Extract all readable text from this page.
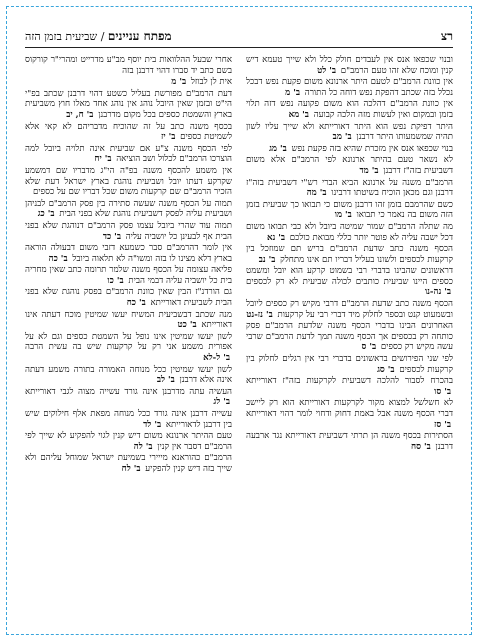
רצ
מפתח עניינים / שביעית בזמן הזה
אחרי שבעל ההלוואות בית יוסף מב"ע מדרייט ומהרי"ר קורקוס בשם כתב יד סברו דהוי דרבנן בזה
אית לן לבוזל ב' מ
דעת הרמב"ם מפורשת בעליל כשטע דהוי דרבנן שכתב בפ"י הי"ט ובזמן שאין היובל נוהג אין נוהג אחד מאלו חוץ משביעית בארץ והשמטת כספים בכל מקום מדרבנן ב' ח, יב
בכסף משנה כתב על זה שהוכיח מדבריהם לא קאי אלא לשמיטת כספים ב' יז
לפי הכסף משנה צ"ע אם שביעית אינה תלויה ביובל למה הוצרכו הרמב"ם לכלול ושב הוציאה ב' יח
אין משמע להכסף משנה בפ"ה הי"ג מדבריו שם דמשמע שקרקע דעתו יובל ושביעית נוהגת בארץ ישראל דעת שלא הזכיר הרמב"ם שם קרקעות משום שכל דבריו שם על כספים
תמוה על הכסף משנה שעשה סתירה בין פסק הרמב"ם לבניהן ושביעית עליה לפסק דשביעית נוהגת שלא בפני הבית ב' כג
תמוה עוד שהרי ביובל עצמו פסק הרמב"ם דנוהגת שלא בפני הבית אף לבעינן כל יושביה עליה ב' כד
אין לומר דהרמב"ם סבר כשמעא דזבי משום דבעולה הוראה בארץ דלא מצינו לו בזה ומשו"ה לא תלאוה ביובל ב' כה
פליאה עצומה על הכסף משנה שלמר תרומה כתב שאין מחריה בית כל יושביה עליה דבמי הבית ב' כו
גם הורדנ"ז הבין שאין כוונת הרמב"ם בפסק נוהגת שלא בפני הבית לשביעית דאורייתא ב' כח
מנה שכתב דבשביעית המשיח יעשו שמיטין מוכח דעתה אינו דאורייתא ב' כט
לשון יעשו שמיטין אינו נופל על השמטת כספים וגם לא על אפורית משמע אני רק על קרקעות שיש בה עשית הרבה ב' ל-לא
לשון יעשו שמיטין ככל מנוחה האמורה בתורה משמע דעתה אינה אלא דרבנן ב' לב
העשיה עתה מדרבנן אינה גורד עשייה מצוה לגבי דאורייתא ב' לג
עשייה דרבנן אינה גורד ככל מנוחה מפאת אלף חילוקים שיש בין דרבנן לדאורייתא ב' לד
טעם ההיתר ארנונא משום דיש קנין לגוי להפקיע לא שייך לפי הרמב"ם דסבר אין קנין ב' לה
הרמב"ם כהוראנא מייירי בשמיעת ישראל שמוחל עליהם ולא שייך בזה דיש קנין להפקיע ב' לח
ובנוי שכפאו אנס אין לעבדים חולק כלל ולא שייך טעמא דיש קנין ומוכח שלא זהו טעם הרמב"ם ב' לט
אין כוונת הרמב"ם לטעם היתר ארנונא משום פקעת נפש דבכל נכלל בזה שכתב דהפקת נפש דוחה כל התורה ב' מ
אין כוונת הרמב"ם דהלכה הוא משום פקועה נפש דזה תלוי בזמן ובמקום ואין לעשות מזה הלכה קבועה ב' מא
היתר דפיקת נפש הוא היתר דאורייתא ולא שייך עליו לשון תהיה שמשמעותו היתר דרבנן ב' מב
בנוי שכפאו אנס אין מזכרת שהיא בזה פקעת נפש ב' מג
לא נשאר טעם בהיתר ארנונא לפי הרמב"ם אלא משום דשביעית בזה"ז דרבנן ב' מד
הרמב"ם משנה על ארנונא הביא הברי רש"י דשביעית בזה"ז דרבנן וגם מכאן הוכיח בשיטתו דרבינו ב' מה
כשם שהרמבם בזמן זהו דרבנן משום כי תבואו כך שביעית בזמן הזה משום בה נאמר כי תבואו ב' מו
מה שתלה הרמב"ם שמור שמיטה ביובל ולא כבי תבואו משום דכל ישבה עליה לא פוטר יותר כללי מבואת כולכם ב' נא
הכסף משנה כתב שדעת הרמב"ם בריש תם שמוזכל בין קרקעות לכספים ולשונו בעליל דבריו תם אינו מתחלק ב' נב
דראשונים שהבינו בדברי רבי בשמוט קרקע הוא יובל ומשמט כספים היינו שביעית כותבים לכולה שביעית לא רק לכספים ב' נה-נו
הכסף משנה כתב שדעת הרמב"ם דרבי מקיש רק כספים ליובל ובשמעוט קנט ובספר לחלוק מיד דברי רבי על קרקעות ב' נז-נט
האחרונים הבינו בדברי הכסף משנה שלדעת הרמב"ם פסק כותחה רק בכספים אך הכסף משנה תמך לדעת הרמב"ם שרבי עשה מקיש רק כספים ב' ס
לפי שני הפירושים בראשונים בדברי רבי אין רגלים לחלוק בין קרקעות לכספים ב' סג
בהכרח לסבור להלכה דשביעית לקרקעות בזה"ז דאורייתא ב' סו
לא חשלשל למצוא מקור לקרקעות דאורייתא הוא רק ליישב דברי הכסף משנה אבל באמת דחוק ודחוי לומר דהוי דאורייתא ב' סז
הסתירות בכסף משנה הן תרתי דשביעית דאורייתא נגד ארבעה דרבנן ב' סח
